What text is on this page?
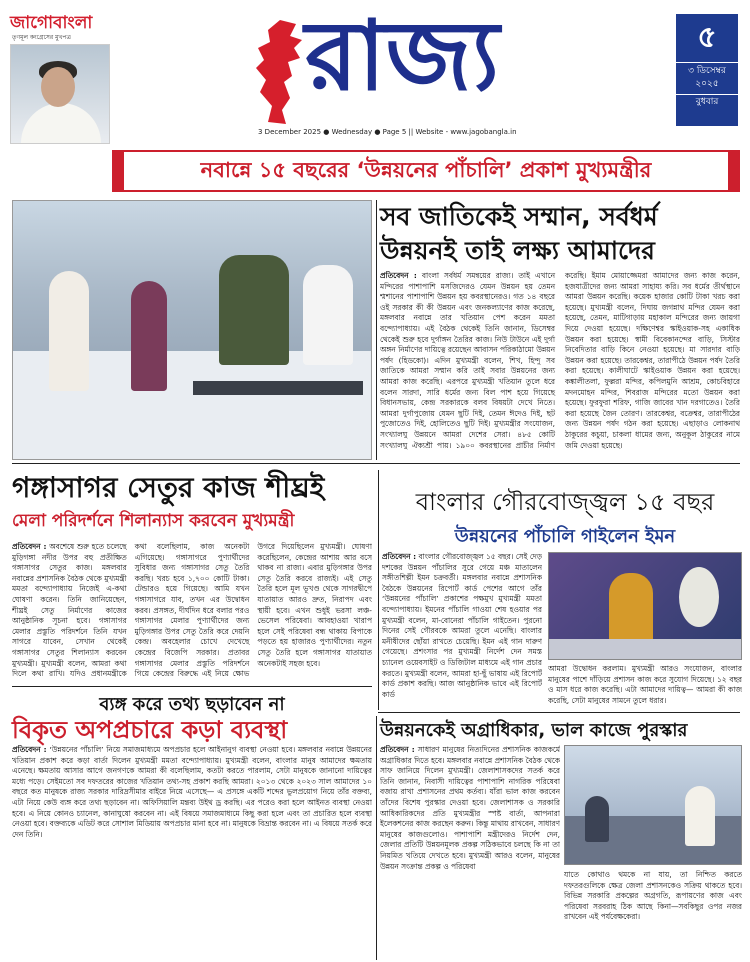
জাগোবাংলা
তৃণমূল কংগ্রেসের মুখপত্র রাজ্য
3 December 2025 ● Wednesday ● Page 5 || Website - www.jagobangla.in
৫
৩ ডিসেম্বর
২০২৫
বুধবার
নবান্নে ১৫ বছরের ‘উন্নয়নের পাঁচালি’ প্রকাশ মুখ্যমন্ত্রীর
সব জাতিকেই সম্মান, সর্বধর্ম উন্নয়নই তাই লক্ষ্য আমাদের
প্রতিবেদন : বাংলা সর্বধর্ম সমন্বয়ের রাজ্য। তাই এখানে মন্দিরের পাশাপাশি মসজিদেরও যেমন উন্নয়ন হয় তেমন শ্মশানের পাশাপাশি উন্নয়ন হয় কবরস্থানেরও। গত ১৪ বছরে ওই সরকার কী কী উন্নয়ন এবং জনকল্যাণের কাজ করেছে, মঙ্গলবার নবান্নে তার খতিয়ান পেশ করেন মমতা বন্দ্যোপাধ্যায়। এই বৈঠক থেকেই তিনি জানান, ডিসেম্বর থেকেই শুরু হবে দুর্গাঙ্গন তৈরির কাজ। নিউ টাউনে এই দুর্গা অঙ্গন নির্মাণের দায়িত্বে রয়েছেন আবাসন পরিকাঠামো উন্নয়ন পর্ষদ (হিডকো)। এদিন মুখ্যমন্ত্রী বলেন, শিখ, হিন্দু সব জাতিকে আমরা সম্মান করি তাই সবার উন্নয়নের জন্য আমরা কাজ করেছি। এরপরে মুখ্যমন্ত্রী খতিয়ান তুলে ধরে বলেন সারদা, সারি ধর্মের জন্য বিল পাশ হয়ে গিয়েছে বিধানসভায়, কেন্দ্র সরকারকে বলব বিষয়টা দেখে নিতে। আমরা দুর্গাপুজোয় যেমন ছুটি দিই, তেমন ঈদেও দিই, ছট পুজোতেও দিই, হোলিতেও ছুটি দিই। মুখ্যমন্ত্রীর সংযোজন, সংখ্যালঘু উন্নয়নে আমরা দেশের সেরা। ৪৮৫ কোটি সংখ্যালঘু ঐক্যশ্রী পায়। ১৯০০ কবরস্থানের প্রাচীর নির্মাণ করেছি। ইমাম মোয়াজ্জেমরা আমাদের জন্য কাজ করেন, হজযাত্রীদের জন্য আমরা সাহায্য করি। সব ধর্মের তীর্থস্থানে আমরা উন্নয়ন করেছি। কয়েক হাজার কোটি টাকা খরচ করা হয়েছে। মুখ্যমন্ত্রী বলেন, দিঘায় জগন্নাথ মন্দির যেমন করা হয়েছে, তেমন, মাটিগাড়ায় মহাকাল মন্দিরের জন্য জায়গা দিয়ে দেওয়া হয়েছে। দক্ষিণেশ্বর স্কাইওয়াক-সহ একাধিক উন্নয়ন করা হয়েছে। স্বামী বিবেকানন্দের বাড়ি, সিস্টার নিবেদিতার বাড়ি কিনে নেওয়া হয়েছে। মা সারদার বাড়ি উন্নয়ন করা হয়েছে। তারকেশ্বর, তারাপীঠে উন্নয়ন পর্ষদ তৈরি করা হয়েছে। কালীঘাটে স্কাইওয়াক উন্নয়ন করা হয়েছে। কঙ্কালীতলা, ফুল্লরা মন্দির, কপিলমুনি আশ্রম, কোচবিহারে মদনমোহন মন্দির, শিবরাজ মন্দিরের মতো উন্নয়ন করা হয়েছে। ফুরফুরা শরিফ, গাজি জাবের খান দরগাতেও। তৈরি করা হয়েছে জৈন তোরণ। তারকেশ্বর, বক্রেশ্বর, তারাপীঠের জন্য উন্নয়ন পর্ষদ গঠন করা হয়েছে। এছাড়াও লোকনাথ ঠাকুরের কচুয়া, চাকলা ধামের জন্য, অনুকূল ঠাকুরের নামে জমি দেওয়া হয়েছে।
গঙ্গাসাগর সেতুর কাজ শীঘ্রই
মেলা পরিদর্শনে শিলান্যাস করবেন মুখ্যমন্ত্রী
প্রতিবেদন : অবশেষে শুরু হতে চলেছে মুড়িগঙ্গা নদীর উপর বহু প্রতীক্ষিত গঙ্গাসাগর সেতুর কাজ। মঙ্গলবার নবান্নের প্রশাসনিক বৈঠক থেকে মুখ্যমন্ত্রী মমতা বন্দ্যোপাধ্যায় নিজেই এ-কথা ঘোষণা করেন। তিনি জানিয়েছেন, শীঘ্রই সেতু নির্মাণের কাজের আনুষ্ঠানিক সূচনা হবে। গঙ্গাসাগর মেলার প্রস্তুতি পরিদর্শনে তিনি যখন সাগরে যাবেন, সেখান থেকেই গঙ্গাসাগর সেতুর শিলান্যাস করবেন মুখ্যমন্ত্রী। মুখ্যমন্ত্রী বলেন, আমরা কথা দিলে কথা রাখি। যদিও প্রধানমন্ত্রীকে কথা বলেছিলাম, কাজ অনেকটা এগিয়েছে। গঙ্গাসাগরে পুণ্যার্থীদের সুবিধার জন্য গঙ্গাসাগর সেতু তৈরি করছি। খরচ হবে ১,৭০০ কোটি টাকা। টেন্ডারও হয়ে গিয়েছে। আমি যখন গঙ্গাসাগরে যাব, তখন এর উদ্বোধন করব। প্রসঙ্গত, দীর্ঘদিন ধরে বলার পরও গঙ্গাসাগর মেলার পুণ্যার্থীদের জন্য মুড়িগঙ্গার উপর সেতু তৈরি করে দেয়নি কেন্দ্র। অবহেলার চোখে দেখেছে কেন্দ্রের বিজেপি সরকার। প্রতাবর গঙ্গাসাগর মেলার প্রস্তুতি পরিদর্শনে গিয়ে কেন্দ্রের বিরুদ্ধে এই নিয়ে ক্ষোভ উগরে দিয়েছিলেন মুখ্যমন্ত্রী। ঘোষণা করেছিলেন, কেন্দ্রের আশায় আর বসে থাকব না রাজ্য। এবার মুড়িগঙ্গার উপর সেতু তৈরি করবে রাজ্যই। এই সেতু তৈরি হলে মূল ভূখণ্ড থেকে সাগরদ্বীপে যাতায়াত আরও দ্রুত, নিরাপদ এবং স্থায়ী হবে। এখন শুধুই ভরসা লঞ্চ-ভেসেল পরিষেবা। আবহাওয়া খারাপ হলে সেই পরিষেবা বন্ধ থাকায় বিপাকে পড়তে হয় হাজারও পুণ্যার্থীদের। নতুন সেতু তৈরি হলে গঙ্গাসাগর যাতায়াত অনেকটাই সহজ হবে।
বাংলার গৌরবোজ্জ্বল ১৫ বছর
উন্নয়নের পাঁচালি গাইলেন ইমন
প্রতিবেদন : বাংলার গৌরবোজ্জ্বল ১৫ বছর। সেই দেড় দশকের উন্নয়ন পাঁচালির সুরে গেয়ে মঞ্চ মাতালেন সঙ্গীতশিল্পী ইমন চক্রবর্তী। মঙ্গলবার নবান্নে প্রশাসনিক বৈঠকে উন্নয়নের রিপোর্ট কার্ড পেশের আগে তাঁর ‘উন্নয়নের পাঁচালি’ প্রকাশের পক্ষমুখ মুখ্যমন্ত্রী মমতা বন্দ্যোপাধ্যায়। ইমনের পাঁচালি গাওয়া শেষ হওয়ার পর মুখ্যমন্ত্রী বলেন, মা-বোনেরা পাঁচালি গাইতেন। পুরনো দিনের সেই গৌরবকে আমরা তুলে এনেছি। বাংলার মনীষীদের ছোঁয়া রাখতে চেয়েছি। ইমন এই গান দারুণ গেয়েছে। প্রশংসার পর মুখ্যমন্ত্রী নির্দেশ দেন সমস্ত চ্যানেল ওয়েবসাইট ও ডিজিটাল মাধ্যমে এই গান প্রচার করতে। মুখ্যমন্ত্রী বলেন, আমরা হা-ছুঁ ভাষায় এই রিপোর্ট কার্ড প্রকাশ করছি। আজ আনুষ্ঠানিক ভাবে এই রিপোর্ট কার্ড
আমরা উদ্বোধন করলাম। মুখ্যমন্ত্রী আরও সংযোজন, বাংলার মানুষের পাশে দাঁড়িয়ে প্রশাসন কাজ করে সুযোগ দিয়েছে। ১২ বছর ও মাস ধরে কাজ করেছি। এটা আমাদের দায়িত্ব— আমরা কী কাজ করেছি, সেটা মানুষের সামনে তুলে ধরার।
ব্যঙ্গ করে তথ্য ছড়াবেন না
বিকৃত অপপ্রচারে কড়া ব্যবস্থা
প্রতিবেদন : ‘উন্নয়নের পাঁচালি’ নিয়ে সমাজমাধ্যমে অপপ্রচার হলে আইনানুগ ব্যবস্থা নেওয়া হবে। মঙ্গলবার নবান্নে উন্নয়নের খতিয়ান প্রকাশ করে কড়া বার্তা দিলেন মুখ্যমন্ত্রী মমতা বন্দ্যোপাধ্যায়। মুখ্যমন্ত্রী বলেন, বাংলার মানুষ আমাদের ক্ষমতায় এনেছে। ক্ষমতায় আসার আগে জনগণকে আমরা কী বলেছিলাম, কতটা করতে পারলাম, সেটা মানুষকে জানানো দায়িত্বের মধ্যে পড়ে। সেইমতো সব দফতরের কাজের খতিয়ান তথ্য-সহ প্রকাশ করছি আমরা। ২০১৩ থেকে ২০২৩ সাল আমাদের ১০ বছরে কত মানুষকে রাজ্য সরকার দারিদ্রসীমার বাইরে নিয়ে এসেছে— এ প্রসঙ্গে একটি শব্দের ভুলপ্রয়োগ নিয়ে তাঁর বক্তব্য, এটা নিয়ে কেউ ব্যঙ্গ করে তথ্য ছড়াবেন না। অফিসিয়ালি মন্তব্য উইথ ড্র করছি। এর পরেও করা হলে আইনত ব্যবস্থা নেওয়া হবে। এ নিয়ে কোনও চ্যানেল, কানাঘুষো করবেন না। এই বিষয়ে সমাজমাধ্যমে কিছু করা হলে এবং তা প্রচারিত হলে ব্যবস্থা নেওয়া হবে। বক্তব্যকে এডিট করে সোশাল মিডিয়ায় অপপ্রচার মানা হবে না। মানুষকে বিভ্রান্ত করবেন না। এ বিষয়ে সতর্ক করে দেন তিনি।
উন্নয়নকেই অগ্রাধিকার, ভাল কাজে পুরস্কার
প্রতিবেদন : সাধারণ মানুষের নিত্যদিনের প্রশাসনিক কাজকর্মে অগ্রাধিকার দিতে হবে। মঙ্গলবার নবান্নে প্রশাসনিক বৈঠক থেকে সাফ জানিয়ে দিলেন মুখ্যমন্ত্রী। জেলাশাসকদের সতর্ক করে তিনি জানান, নিবাসী দায়িত্বের পাশাপাশি নাগরিক পরিষেবা বজায় রাখা প্রশাসনের প্রথম কর্তব্য। যাঁরা ভাল কাজ করবেন তাঁদের বিশেষ পুরস্কার দেওয়া হবে। জেলাশাসক ও সরকারি আধিকারিকদের প্রতি মুখ্যমন্ত্রীর স্পষ্ট বার্তা, আপনারা ইলেকশনের কাজ করছেন করুন। কিন্তু মাথায় রাখবেন, সাধারণ মানুষের কাজগুলোও। পাশাপাশি মন্ত্রীদেরও নির্দেশ দেন, জেলার প্রতিটি উন্নয়নমূলক প্রকল্প সঠিকভাবে চলছে কি না তা নিয়মিত খতিয়ে দেখতে হবে। মুখ্যমন্ত্রী আরও বলেন, মানুষের উন্নয়ন সংক্রান্ত প্রকল্প ও পরিষেবা
যাতে কোথাও থমকে না যায়, তা নিশ্চিত করতে দফতরগুলিকে ক্ষেত্র জেলা প্রশাসনকেও সক্রিয় থাকতে হবে। বিভিন্ন সরকারি প্রকল্পের অগ্রগতি, রূপায়ণের কাজ এবং পরিষেবা সরবরাহ ঠিক আছে কিনা—সবকিছুর ওপর নজর রাখবেন এই পর্যবেক্ষকেরা।
